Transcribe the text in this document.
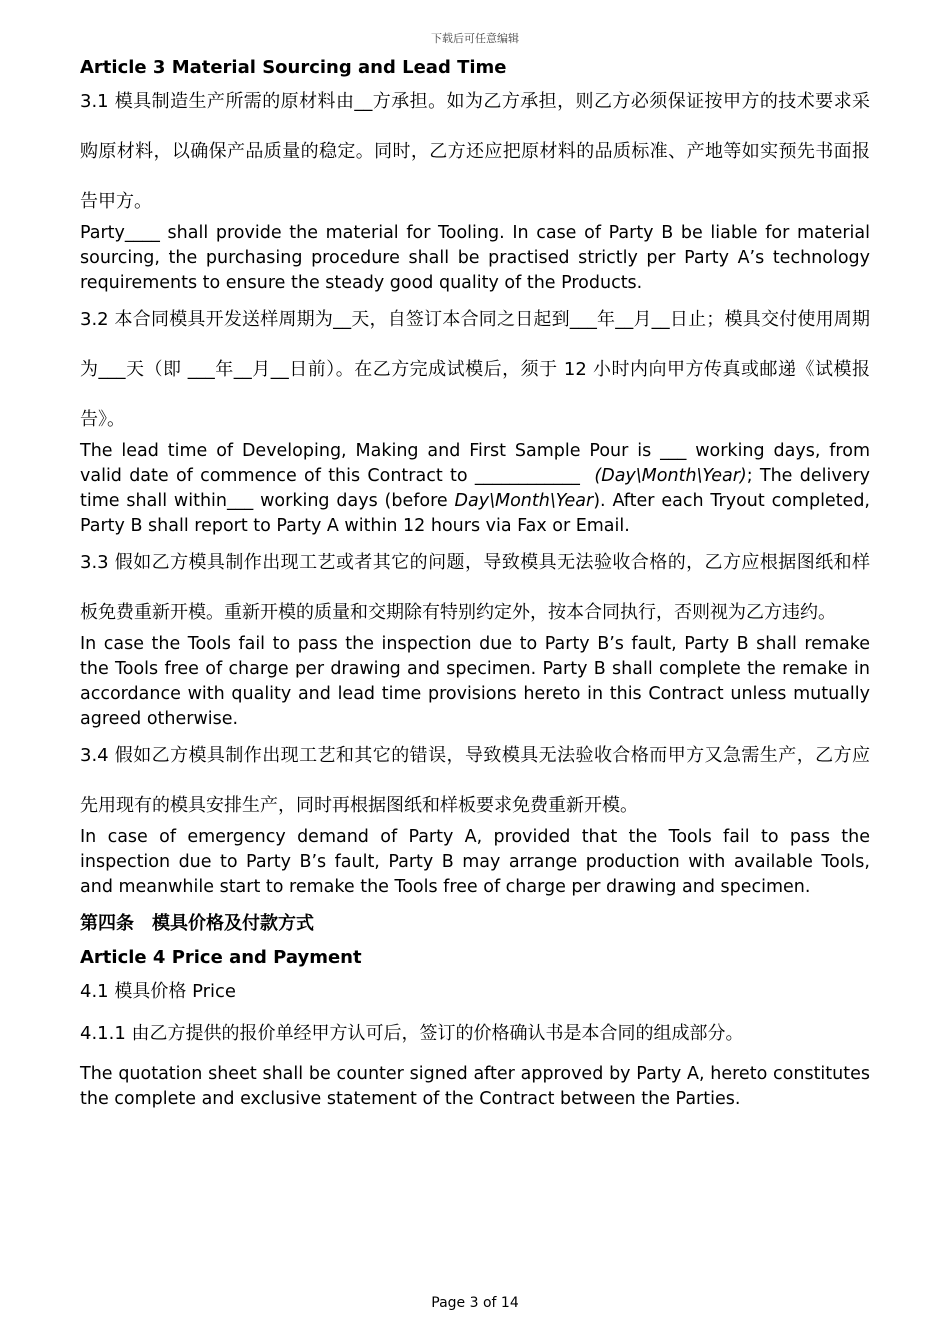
下载后可任意编辑
Article 3 Material Sourcing and Lead Time

3.1 模具制造生产所需的原材料由__方承担。如为乙方承担，则乙方必须保证按甲方的技术要求采购原材料，以确保产品质量的稳定。同时，乙方还应把原材料的品质标准、产地等如实预先书面报告甲方。

Party____ shall provide the material for Tooling. In case of Party B be liable for material sourcing, the purchasing procedure shall be practised strictly per Party A’s technology requirements to ensure the steady good quality of the Products.

3.2 本合同模具开发送样周期为__天，自签订本合同之日起到___年__月__日止；模具交付使用周期为___天（即 ___年__月__日前）。在乙方完成试模后，须于 12 小时内向甲方传真或邮递《试模报告》。

The lead time of Developing, Making and First Sample Pour is ___ working days, from valid date of commence of this Contract to ____________ (Day\Month\Year); The delivery time shall within___ working days (before Day\Month\Year). After each Tryout completed, Party B shall report to Party A within 12 hours via Fax or Email.

3.3 假如乙方模具制作出现工艺或者其它的问题，导致模具无法验收合格的，乙方应根据图纸和样板免费重新开模。重新开模的质量和交期除有特别约定外，按本合同执行，否则视为乙方违约。

In case the Tools fail to pass the inspection due to Party B’s fault, Party B shall remake the Tools free of charge per drawing and specimen. Party B shall complete the remake in accordance with quality and lead time provisions hereto in this Contract unless mutually agreed otherwise.

3.4 假如乙方模具制作出现工艺和其它的错误，导致模具无法验收合格而甲方又急需生产，乙方应先用现有的模具安排生产，同时再根据图纸和样板要求免费重新开模。

In case of emergency demand of Party A, provided that the Tools fail to pass the inspection due to Party B’s fault, Party B may arrange production with available Tools, and meanwhile start to remake the Tools free of charge per drawing and specimen.

第四条　模具价格及付款方式
Article 4 Price and Payment

4.1 模具价格 Price

4.1.1 由乙方提供的报价单经甲方认可后，签订的价格确认书是本合同的组成部分。

The quotation sheet shall be counter signed after approved by Party A, hereto constitutes the complete and exclusive statement of the Contract between the Parties.

Page 3 of 14
